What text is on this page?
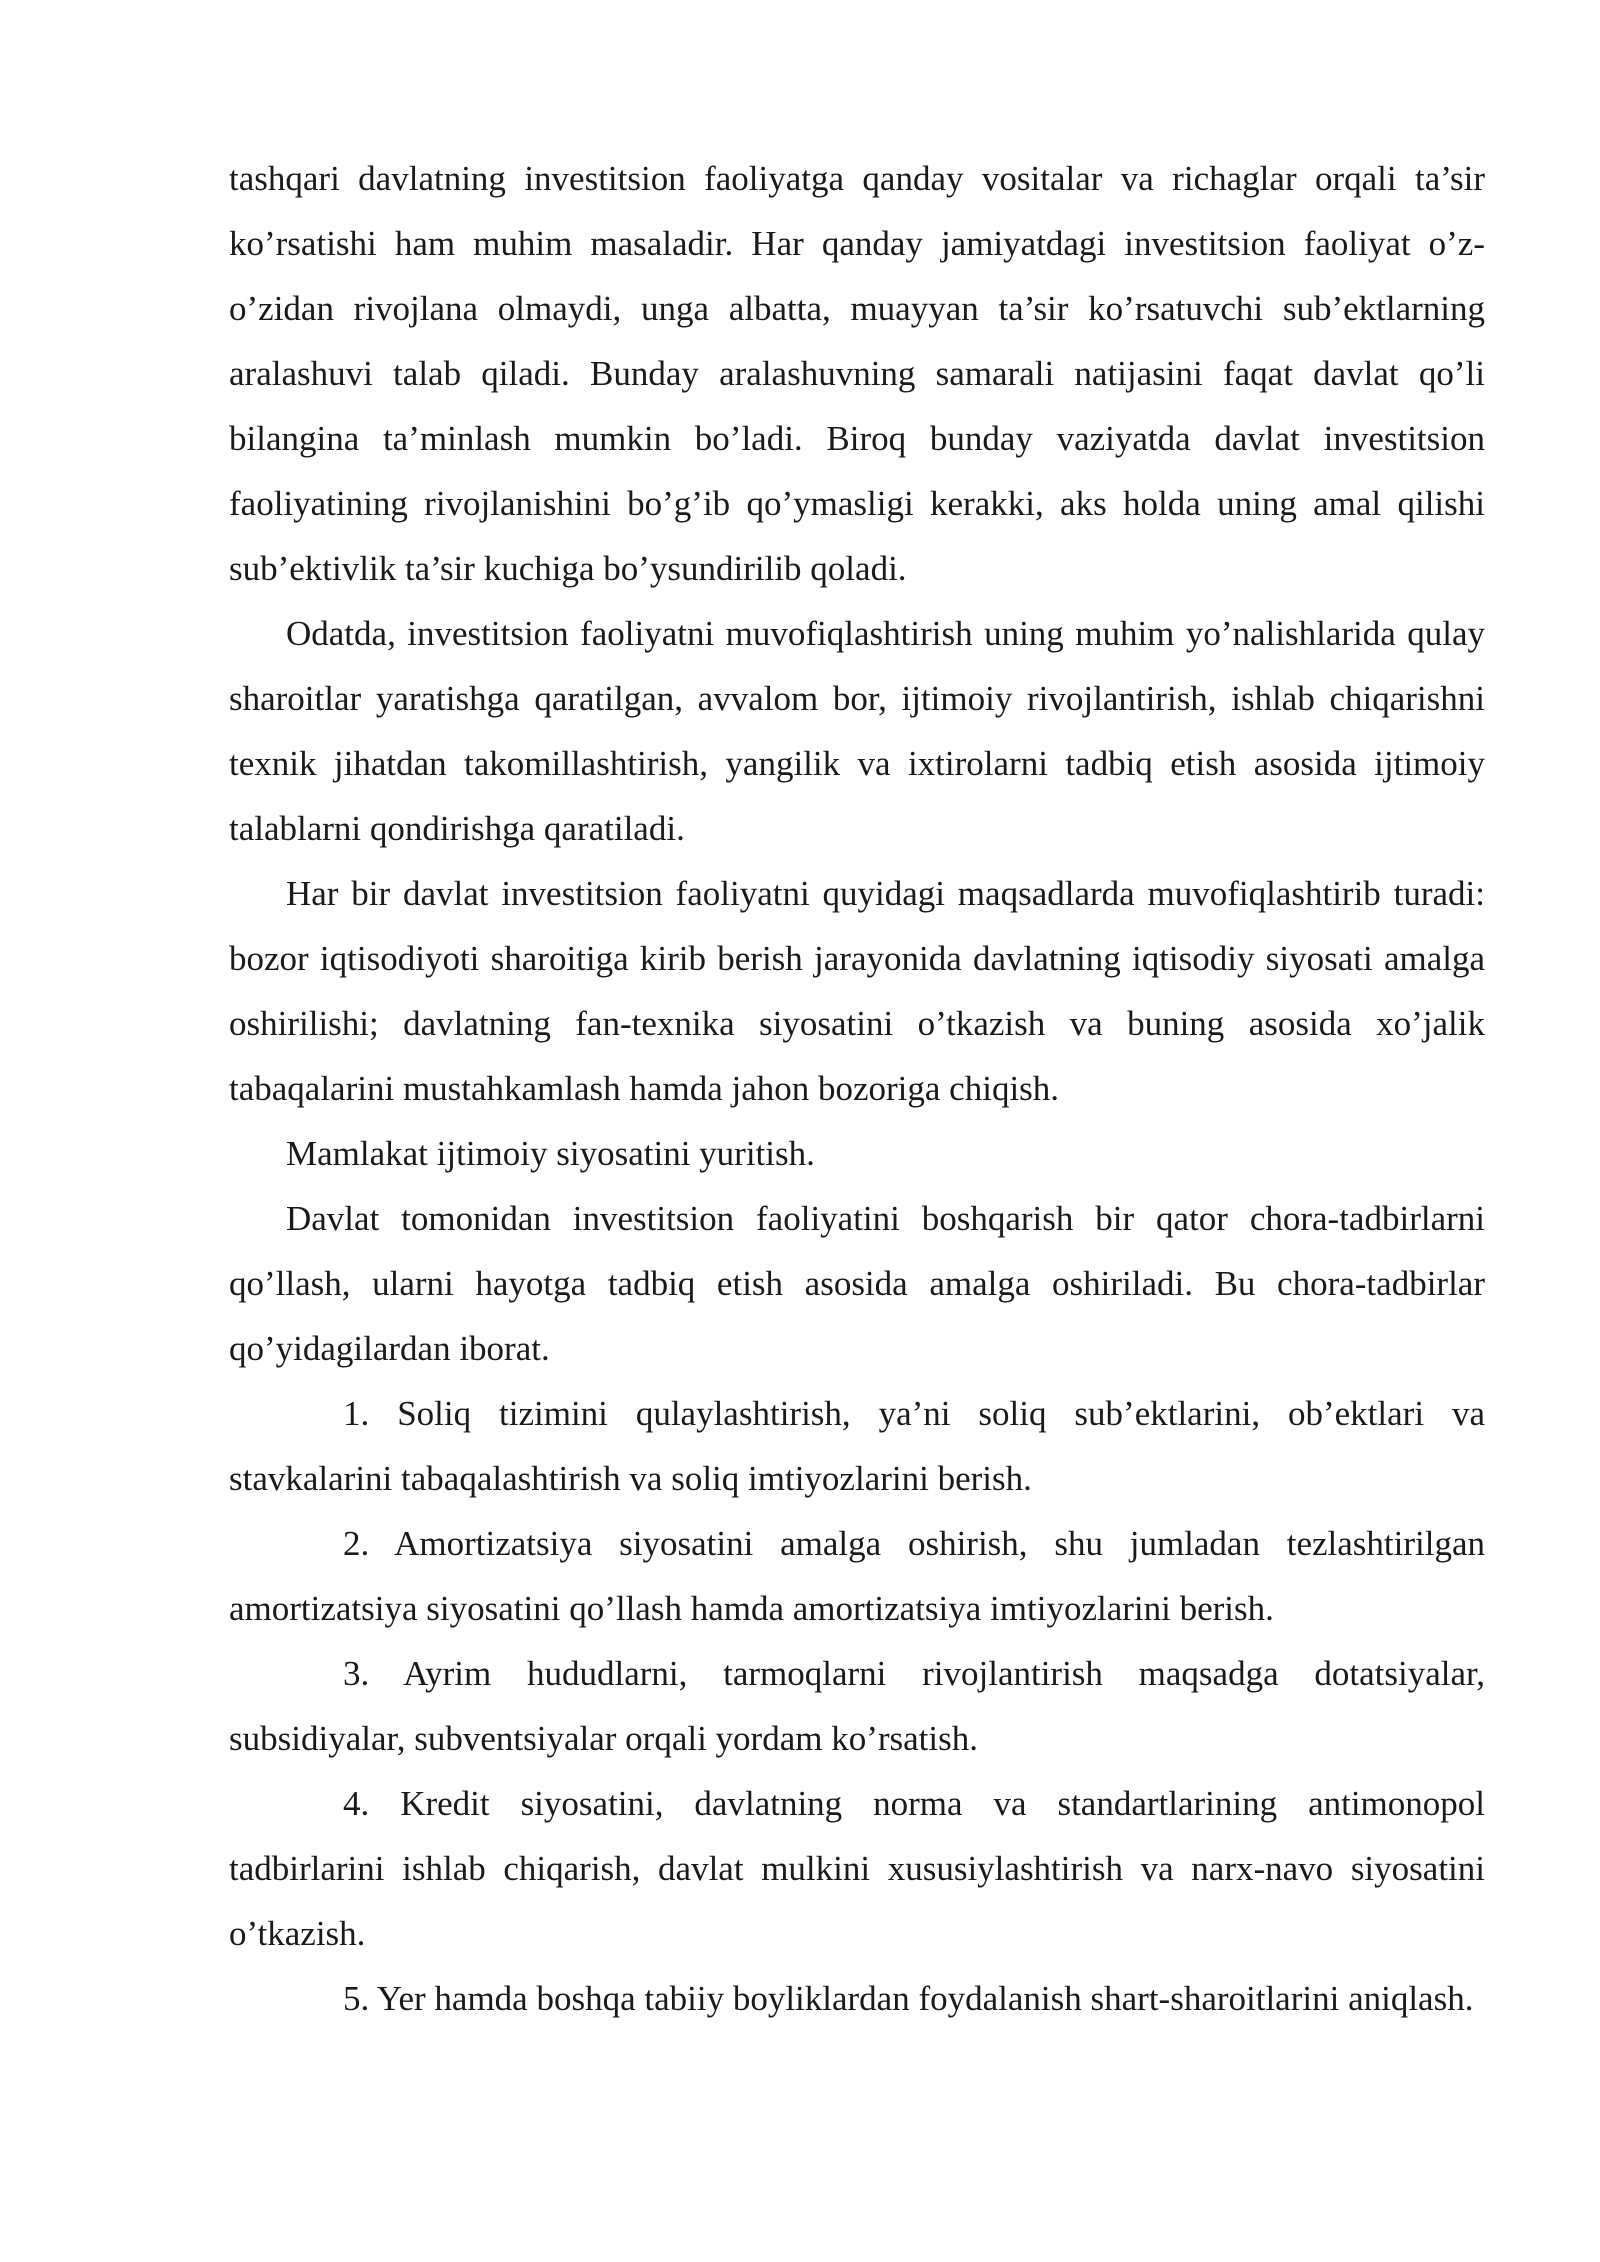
tashqari davlatning investitsion faoliyatga qanday vositalar va richaglar orqali ta’sir ko’rsatishi ham muhim masaladir. Har qanday jamiyatdagi investitsion faoliyat o’z-o’zidan rivojlana olmaydi, unga albatta, muayyan ta’sir ko’rsatuvchi sub’ektlarning aralashuvi talab qiladi. Bunday aralashuvning samarali natijasini faqat davlat qo’li bilangina ta’minlash mumkin bo’ladi. Biroq bunday vaziyatda davlat investitsion faoliyatining rivojlanishini bo’g’ib qo’ymasligi kerakki, aks holda uning amal qilishi sub’ektivlik ta’sir kuchiga bo’ysundirilib qoladi.

Odatda, investitsion faoliyatni muvofiqlashtirish uning muhim yo’nalishlarida qulay sharoitlar yaratishga qaratilgan, avvalom bor, ijtimoiy rivojlantirish, ishlab chiqarishni texnik jihatdan takomillashtirish, yangilik va ixtirolarni tadbiq etish asosida ijtimoiy talablarni qondirishga qaratiladi.

Har bir davlat investitsion faoliyatni quyidagi maqsadlarda muvofiqlashtirib turadi: bozor iqtisodiyoti sharoitiga kirib berish jarayonida davlatning iqtisodiy siyosati amalga oshirilishi; davlatning fan-texnika siyosatini o’tkazish va buning asosida xo’jalik tabaqalarini mustahkamlash hamda jahon bozoriga chiqish.

Mamlakat ijtimoiy siyosatini yuritish.

Davlat tomonidan investitsion faoliyatini boshqarish bir qator chora-tadbirlarni qo’llash, ularni hayotga tadbiq etish asosida amalga oshiriladi. Bu chora-tadbirlar qo’yidagilardan iborat.

1. Soliq tizimini qulaylashtirish, ya’ni soliq sub’ektlarini, ob’ektlari va stavkalarini tabaqalashtirish va soliq imtiyozlarini berish.

2. Amortizatsiya siyosatini amalga oshirish, shu jumladan tezlashtirilgan amortizatsiya siyosatini qo’llash hamda amortizatsiya imtiyozlarini berish.

3. Ayrim hududlarni, tarmoqlarni rivojlantirish maqsadga dotatsiyalar, subsidiyalar, subventsiyalar orqali yordam ko’rsatish.

4. Kredit siyosatini, davlatning norma va standartlarining antimonopol tadbirlarini ishlab chiqarish, davlat mulkini xususiylashtirish va narx-navo siyosatini o’tkazish.

5. Yer hamda boshqa tabiiy boyliklardan foydalanish shart-sharoitlarini aniqlash.
